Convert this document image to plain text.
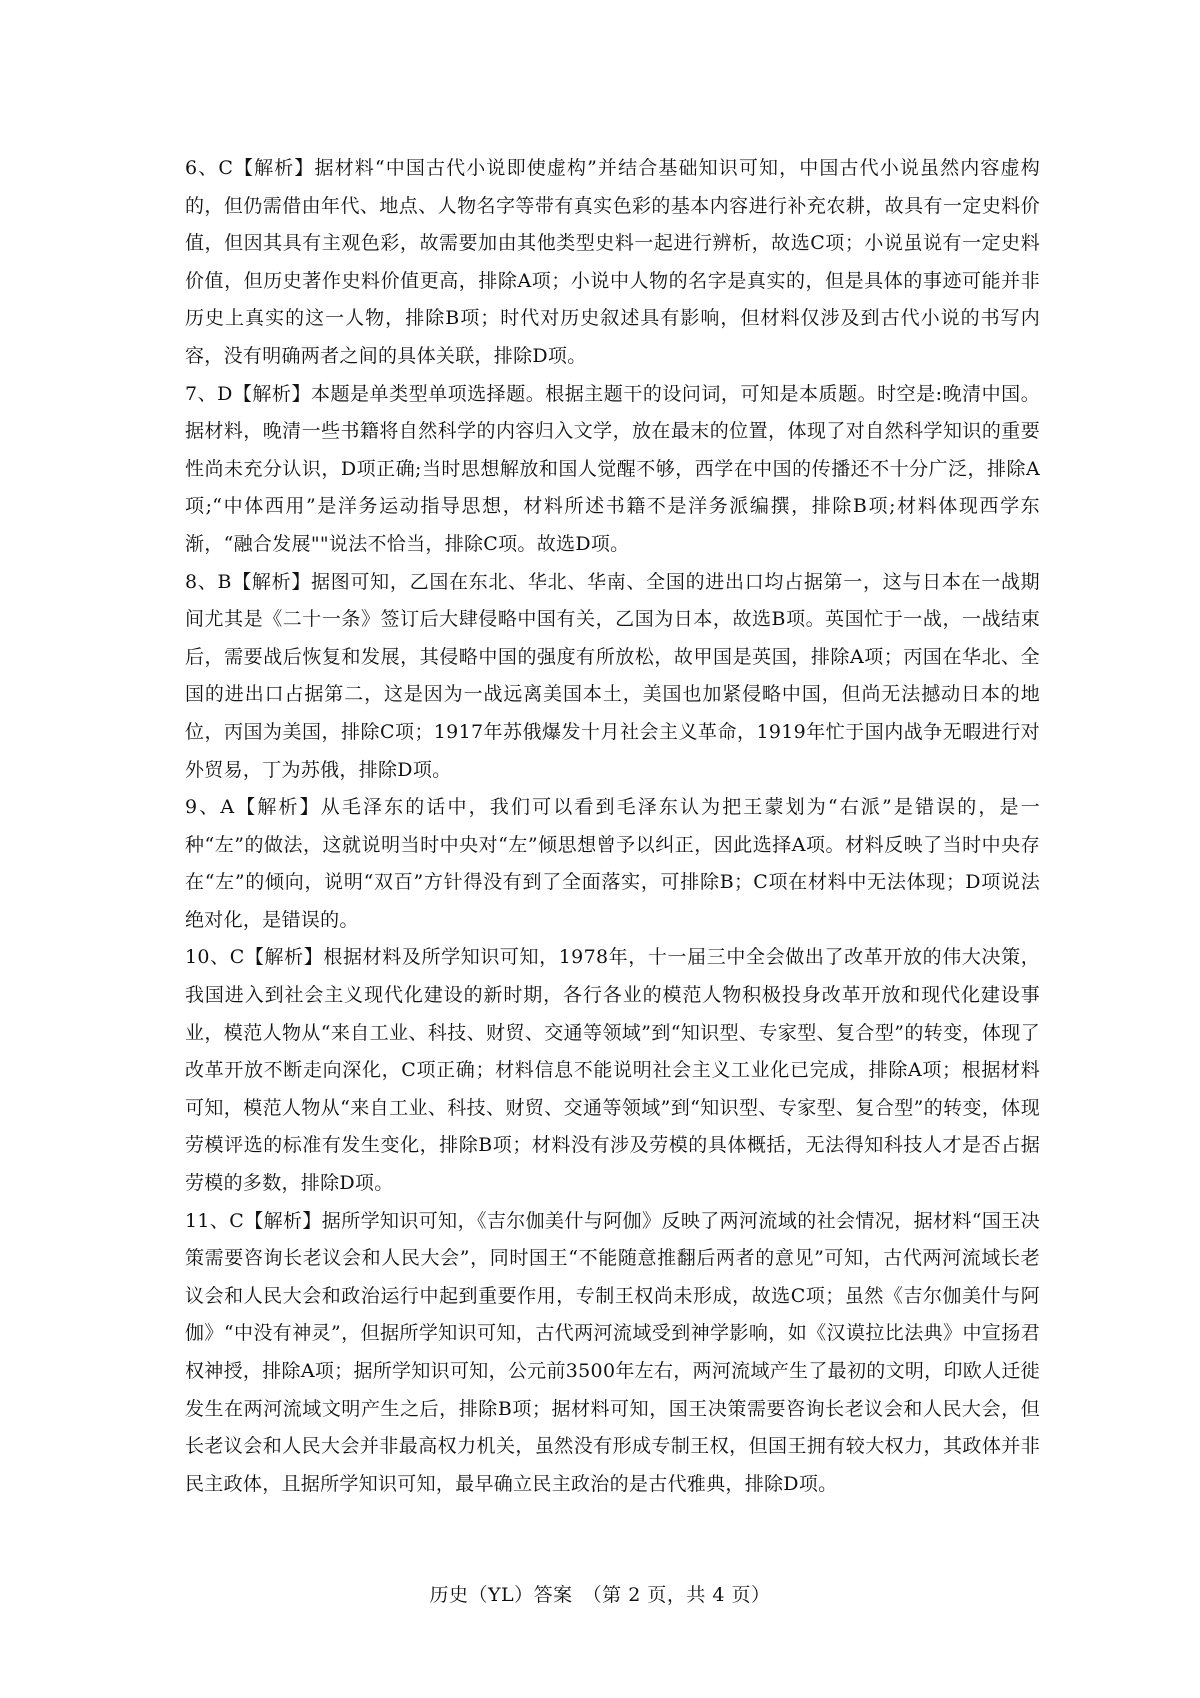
6、C【解析】据材料“中国古代小说即使虚构”并结合基础知识可知，中国古代小说虽然内容虚构的，但仍需借由年代、地点、人物名字等带有真实色彩的基本内容进行补充农耕，故具有一定史料价值，但因其具有主观色彩，故需要加由其他类型史料一起进行辨析，故选C项；小说虽说有一定史料价值，但历史著作史料价值更高，排除A项；小说中人物的名字是真实的，但是具体的事迹可能并非历史上真实的这一人物，排除B项；时代对历史叙述具有影响，但材料仅涉及到古代小说的书写内容，没有明确两者之间的具体关联，排除D项。

7、D【解析】本题是单类型单项选择题。根据主题干的设问词，可知是本质题。时空是:晚清中国。据材料，晚清一些书籍将自然科学的内容归入文学，放在最末的位置，体现了对自然科学知识的重要性尚未充分认识，D项正确;当时思想解放和国人觉醒不够，西学在中国的传播还不十分广泛，排除A项;“中体西用”是洋务运动指导思想，材料所述书籍不是洋务派编撰，排除B项;材料体现西学东渐，“融合发展""说法不恰当，排除C项。故选D项。

8、B【解析】据图可知，乙国在东北、华北、华南、全国的进出口均占据第一，这与日本在一战期间尤其是《二十一条》签订后大肆侵略中国有关，乙国为日本，故选B项。英国忙于一战，一战结束后，需要战后恢复和发展，其侵略中国的强度有所放松，故甲国是英国，排除A项；丙国在华北、全国的进出口占据第二，这是因为一战远离美国本土，美国也加紧侵略中国，但尚无法撼动日本的地位，丙国为美国，排除C项；1917年苏俄爆发十月社会主义革命，1919年忙于国内战争无暇进行对外贸易，丁为苏俄，排除D项。

9、A【解析】从毛泽东的话中，我们可以看到毛泽东认为把王蒙划为“右派”是错误的，是一种“左”的做法，这就说明当时中央对“左”倾思想曾予以纠正，因此选择A项。材料反映了当时中央存在“左”的倾向，说明“双百”方针得没有到了全面落实，可排除B；C项在材料中无法体现；D项说法绝对化，是错误的。

10、C【解析】根据材料及所学知识可知，1978年，十一届三中全会做出了改革开放的伟大决策，我国进入到社会主义现代化建设的新时期，各行各业的模范人物积极投身改革开放和现代化建设事业，模范人物从“来自工业、科技、财贸、交通等领域”到“知识型、专家型、复合型”的转变，体现了改革开放不断走向深化，C项正确；材料信息不能说明社会主义工业化已完成，排除A项；根据材料可知，模范人物从“来自工业、科技、财贸、交通等领域”到“知识型、专家型、复合型”的转变，体现劳模评选的标准有发生变化，排除B项；材料没有涉及劳模的具体概括，无法得知科技人才是否占据劳模的多数，排除D项。

11、C【解析】据所学知识可知，《吉尔伽美什与阿伽》反映了两河流域的社会情况，据材料“国王决策需要咨询长老议会和人民大会”，同时国王“不能随意推翻后两者的意见”可知，古代两河流域长老议会和人民大会和政治运行中起到重要作用，专制王权尚未形成，故选C项；虽然《吉尔伽美什与阿伽》“中没有神灵”，但据所学知识可知，古代两河流域受到神学影响，如《汉谟拉比法典》中宣扬君权神授，排除A项；据所学知识可知，公元前3500年左右，两河流域产生了最初的文明，印欧人迁徙发生在两河流域文明产生之后，排除B项；据材料可知，国王决策需要咨询长老议会和人民大会，但长老议会和人民大会并非最高权力机关，虽然没有形成专制王权，但国王拥有较大权力，其政体并非民主政体，且据所学知识可知，最早确立民主政治的是古代雅典，排除D项。

历史（YL）答案　（第 2 页，共 4 页）
